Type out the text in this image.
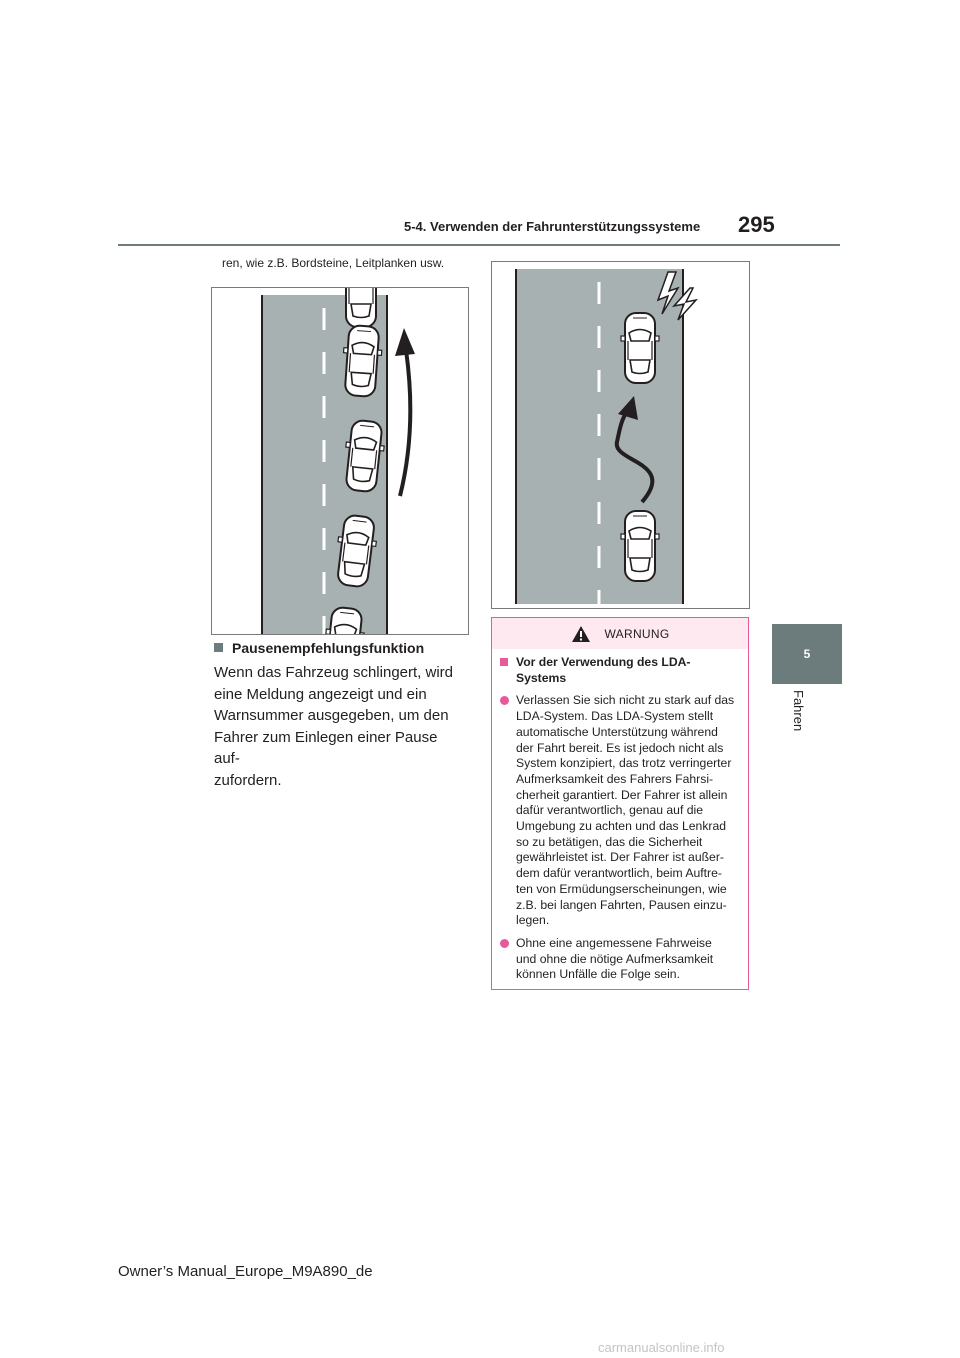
5-4. Verwenden der Fahrunterstützungssysteme 295
5
Fahren
ren, wie z.B. Bordsteine, Leitplanken usw.
Pausenempfehlungsfunktion
Wenn das Fahrzeug schlingert, wird
eine Meldung angezeigt und ein
Warnsummer ausgegeben, um den
Fahrer zum Einlegen einer Pause auf-
zufordern.
WARNUNG
Vor der Verwendung des LDA-
Systems
Verlassen Sie sich nicht zu stark auf das
LDA-System. Das LDA-System stellt
automatische Unterstützung während
der Fahrt bereit. Es ist jedoch nicht als
System konzipiert, das trotz verringerter
Aufmerksamkeit des Fahrers Fahrsi-
cherheit garantiert. Der Fahrer ist allein
dafür verantwortlich, genau auf die
Umgebung zu achten und das Lenkrad
so zu betätigen, das die Sicherheit
gewährleistet ist. Der Fahrer ist außer-
dem dafür verantwortlich, beim Auftre-
ten von Ermüdungserscheinungen, wie
z.B. bei langen Fahrten, Pausen einzu-
legen.
Ohne eine angemessene Fahrweise
und ohne die nötige Aufmerksamkeit
können Unfälle die Folge sein.
Owner’s Manual_Europe_M9A890_de
carmanualsonline.info
